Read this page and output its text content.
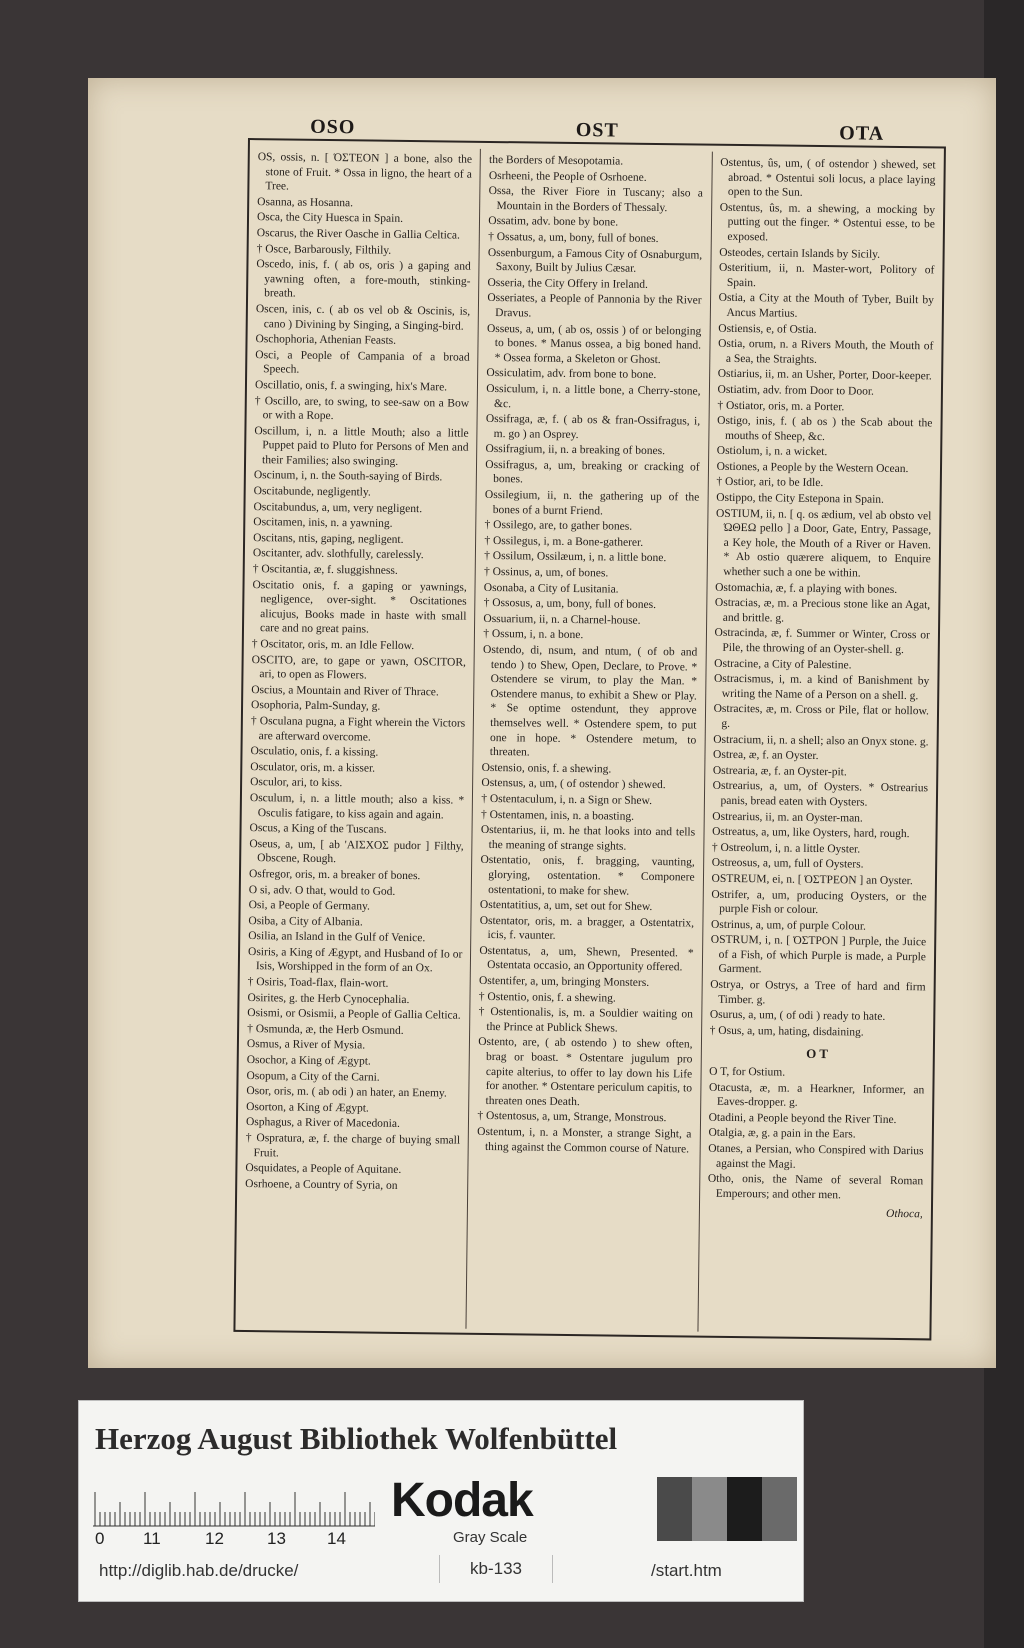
OSO	OST	OTA
OS, ossis, n. [ ΌΣΤΕΟΝ ] a bone, also the stone of Fruit. * Ossa in ligno, the heart of a Tree.
Osanna, as Hosanna.
Osca, the City Huesca in Spain.
Oscarus, the River Oasche in Gallia Celtica.
† Osce, Barbarously, Filthily.
Oscedo, inis, f. ( ab os, oris ) a gaping and yawning often, a fore-mouth, stinking-breath.
Oscen, inis, c. ( ab os vel ob & Oscinis, is, cano ) Divining by Singing, a Singing-bird.
Oschophoria, Athenian Feasts.
Osci, a People of Campania of a broad Speech.
Oscillatio, onis, f. a swinging, hix's Mare.
† Oscillo, are, to swing, to see-saw on a Bow or with a Rope.
Oscillum, i, n. a little Mouth; also a little Puppet paid to Pluto for Persons of Men and their Families; also swinging.
Oscinum, i, n. the South-saying of Birds.
Oscitabunde, negligently.
Oscitabundus, a, um, very negligent.
Oscitamen, inis, n. a yawning.
Oscitans, ntis, gaping, negligent.
Oscitanter, adv. slothfully, carelessly.
† Oscitantia, æ, f. sluggishness.
Oscitatio onis, f. a gaping or yawnings, negligence, over-sight. * Oscitationes alicujus, Books made in haste with small care and no great pains.
† Oscitator, oris, m. an Idle Fellow.
OSCITO, are, to gape or yawn, OSCITOR, ari, to open as Flowers.
Oscius, a Mountain and River of Thrace.
Osophoria, Palm-Sunday, g.
† Osculana pugna, a Fight wherein the Victors are afterward overcome.
Osculatio, onis, f. a kissing.
Osculator, oris, m. a kisser.
Osculor, ari, to kiss.
Osculum, i, n. a little mouth; also a kiss. * Osculis fatigare, to kiss again and again.
Oscus, a King of the Tuscans.
Oseus, a, um, [ ab 'ΑΙΣΧΟΣ pudor ] Filthy, Obscene, Rough.
Osfregor, oris, m. a breaker of bones.
O si, adv. O that, would to God.
Osi, a People of Germany.
Osiba, a City of Albania.
Osilia, an Island in the Gulf of Venice.
Osiris, a King of Ægypt, and Husband of Io or Isis, Worshipped in the form of an Ox.
† Osiris, Toad-flax, flain-wort.
Osirites, g. the Herb Cynocephalia.
Osismi, or Osismii, a People of Gallia Celtica.
† Osmunda, æ, the Herb Osmund.
Osmus, a River of Mysia.
Osochor, a King of Ægypt.
Osopum, a City of the Carni.
Osor, oris, m. ( ab odi ) an hater, an Enemy.
Osorton, a King of Ægypt.
Osphagus, a River of Macedonia.
† Ospratura, æ, f. the charge of buying small Fruit.
Osquidates, a People of Aquitane.
Osrhoene, a Country of Syria, on
the Borders of Mesopotamia.
Osrheeni, the People of Osrhoene.
Ossa, the River Fiore in Tuscany; also a Mountain in the Borders of Thessaly.
Ossatim, adv. bone by bone.
† Ossatus, a, um, bony, full of bones.
Ossenburgum, a Famous City of Osnaburgum, Saxony, Built by Julius Cæsar.
Osseria, the City Offery in Ireland.
Osseriates, a People of Pannonia by the River Dravus.
Osseus, a, um, ( ab os, ossis ) of or belonging to bones. * Manus ossea, a big boned hand. * Ossea forma, a Skeleton or Ghost.
Ossiculatim, adv. from bone to bone.
Ossiculum, i, n. a little bone, a Cherry-stone, &c.
Ossifraga, æ, f. ( ab os & fran-Ossifragus, i, m. go ) an Osprey.
Ossifragium, ii, n. a breaking of bones.
Ossifragus, a, um, breaking or cracking of bones.
Ossilegium, ii, n. the gathering up of the bones of a burnt Friend.
† Ossilego, are, to gather bones.
† Ossilegus, i, m. a Bone-gatherer.
† Ossilum, Ossilæum, i, n. a little bone.
† Ossinus, a, um, of bones.
Osonaba, a City of Lusitania.
† Ossosus, a, um, bony, full of bones.
Ossuarium, ii, n. a Charnel-house.
† Ossum, i, n. a bone.
Ostendo, di, nsum, and ntum, ( of ob and tendo ) to Shew, Open, Declare, to Prove. * Ostendere se virum, to play the Man. * Ostendere manus, to exhibit a Shew or Play. * Se optime ostendunt, they approve themselves well. * Ostendere spem, to put one in hope. * Ostendere metum, to threaten.
Ostensio, onis, f. a shewing.
Ostensus, a, um, ( of ostendor ) shewed.
† Ostentaculum, i, n. a Sign or Shew.
† Ostentamen, inis, n. a boasting.
Ostentarius, ii, m. he that looks into and tells the meaning of strange sights.
Ostentatio, onis, f. bragging, vaunting, glorying, ostentation. * Componere ostentationi, to make for shew.
Ostentatitius, a, um, set out for Shew.
Ostentator, oris, m. a bragger, a Ostentatrix, icis, f. vaunter.
Ostentatus, a, um, Shewn, Presented. * Ostentata occasio, an Opportunity offered.
Ostentifer, a, um, bringing Monsters.
† Ostentio, onis, f. a shewing.
† Ostentionalis, is, m. a Souldier waiting on the Prince at Publick Shews.
Ostento, are, ( ab ostendo ) to shew often, brag or boast. * Ostentare jugulum pro capite alterius, to offer to lay down his Life for another. * Ostentare periculum capitis, to threaten ones Death.
† Ostentosus, a, um, Strange, Monstrous.
Ostentum, i, n. a Monster, a strange Sight, a thing against the Common course of Nature.
Ostentus, ûs, um, ( of ostendor ) shewed, set abroad. * Ostentui soli locus, a place laying open to the Sun.
Ostentus, ûs, m. a shewing, a mocking by putting out the finger. * Ostentui esse, to be exposed.
Osteodes, certain Islands by Sicily.
Osteritium, ii, n. Master-wort, Politory of Spain.
Ostia, a City at the Mouth of Tyber, Built by Ancus Martius.
Ostiensis, e, of Ostia.
Ostia, orum, n. a Rivers Mouth, the Mouth of a Sea, the Straights.
Ostiarius, ii, m. an Usher, Porter, Door-keeper.
Ostiatim, adv. from Door to Door.
† Ostiator, oris, m. a Porter.
Ostigo, inis, f. ( ab os ) the Scab about the mouths of Sheep, &c.
Ostiolum, i, n. a wicket.
Ostiones, a People by the Western Ocean.
† Ostior, ari, to be Idle.
Ostippo, the City Estepona in Spain.
OSTIUM, ii, n. [ q. os ædium, vel ab obsto vel ΏΘΕΩ pello ] a Door, Gate, Entry, Passage, a Key hole, the Mouth of a River or Haven. * Ab ostio quærere aliquem, to Enquire whether such a one be within.
Ostomachia, æ, f. a playing with bones.
Ostracias, æ, m. a Precious stone like an Agat, and brittle. g.
Ostracinda, æ, f. Summer or Winter, Cross or Pile, the throwing of an Oyster-shell. g.
Ostracine, a City of Palestine.
Ostracismus, i, m. a kind of Banishment by writing the Name of a Person on a shell. g.
Ostracites, æ, m. Cross or Pile, flat or hollow. g.
Ostracium, ii, n. a shell; also an Onyx stone. g.
Ostrea, æ, f. an Oyster.
Ostrearia, æ, f. an Oyster-pit.
Ostrearius, a, um, of Oysters. * Ostrearius panis, bread eaten with Oysters.
Ostrearius, ii, m. an Oyster-man.
Ostreatus, a, um, like Oysters, hard, rough.
† Ostreolum, i, n. a little Oyster.
Ostreosus, a, um, full of Oysters.
OSTREUM, ei, n. [ ΌΣΤΡΕΟΝ ] an Oyster.
Ostrifer, a, um, producing Oysters, or the purple Fish or colour.
Ostrinus, a, um, of purple Colour.
OSTRUM, i, n. [ ΌΣΤΡΟΝ ] Purple, the Juice of a Fish, of which Purple is made, a Purple Garment.
Ostrya, or Ostrys, a Tree of hard and firm Timber. g.
Osurus, a, um, ( of odi ) ready to hate.
† Osus, a, um, hating, disdaining.
O T
O T, for Ostium.
Otacusta, æ, m. a Hearkner, Informer, an Eaves-dropper. g.
Otadini, a People beyond the River Tine.
Otalgia, æ, g. a pain in the Ears.
Otanes, a Persian, who Conspired with Darius against the Magi.
Otho, onis, the Name of several Roman Emperours; and other men.
Othoca,
Herzog August Bibliothek Wolfenbüttel
0 11	12	13 14
Kodak
Gray Scale
kb-133
http://diglib.hab.de/drucke/	/start.htm
